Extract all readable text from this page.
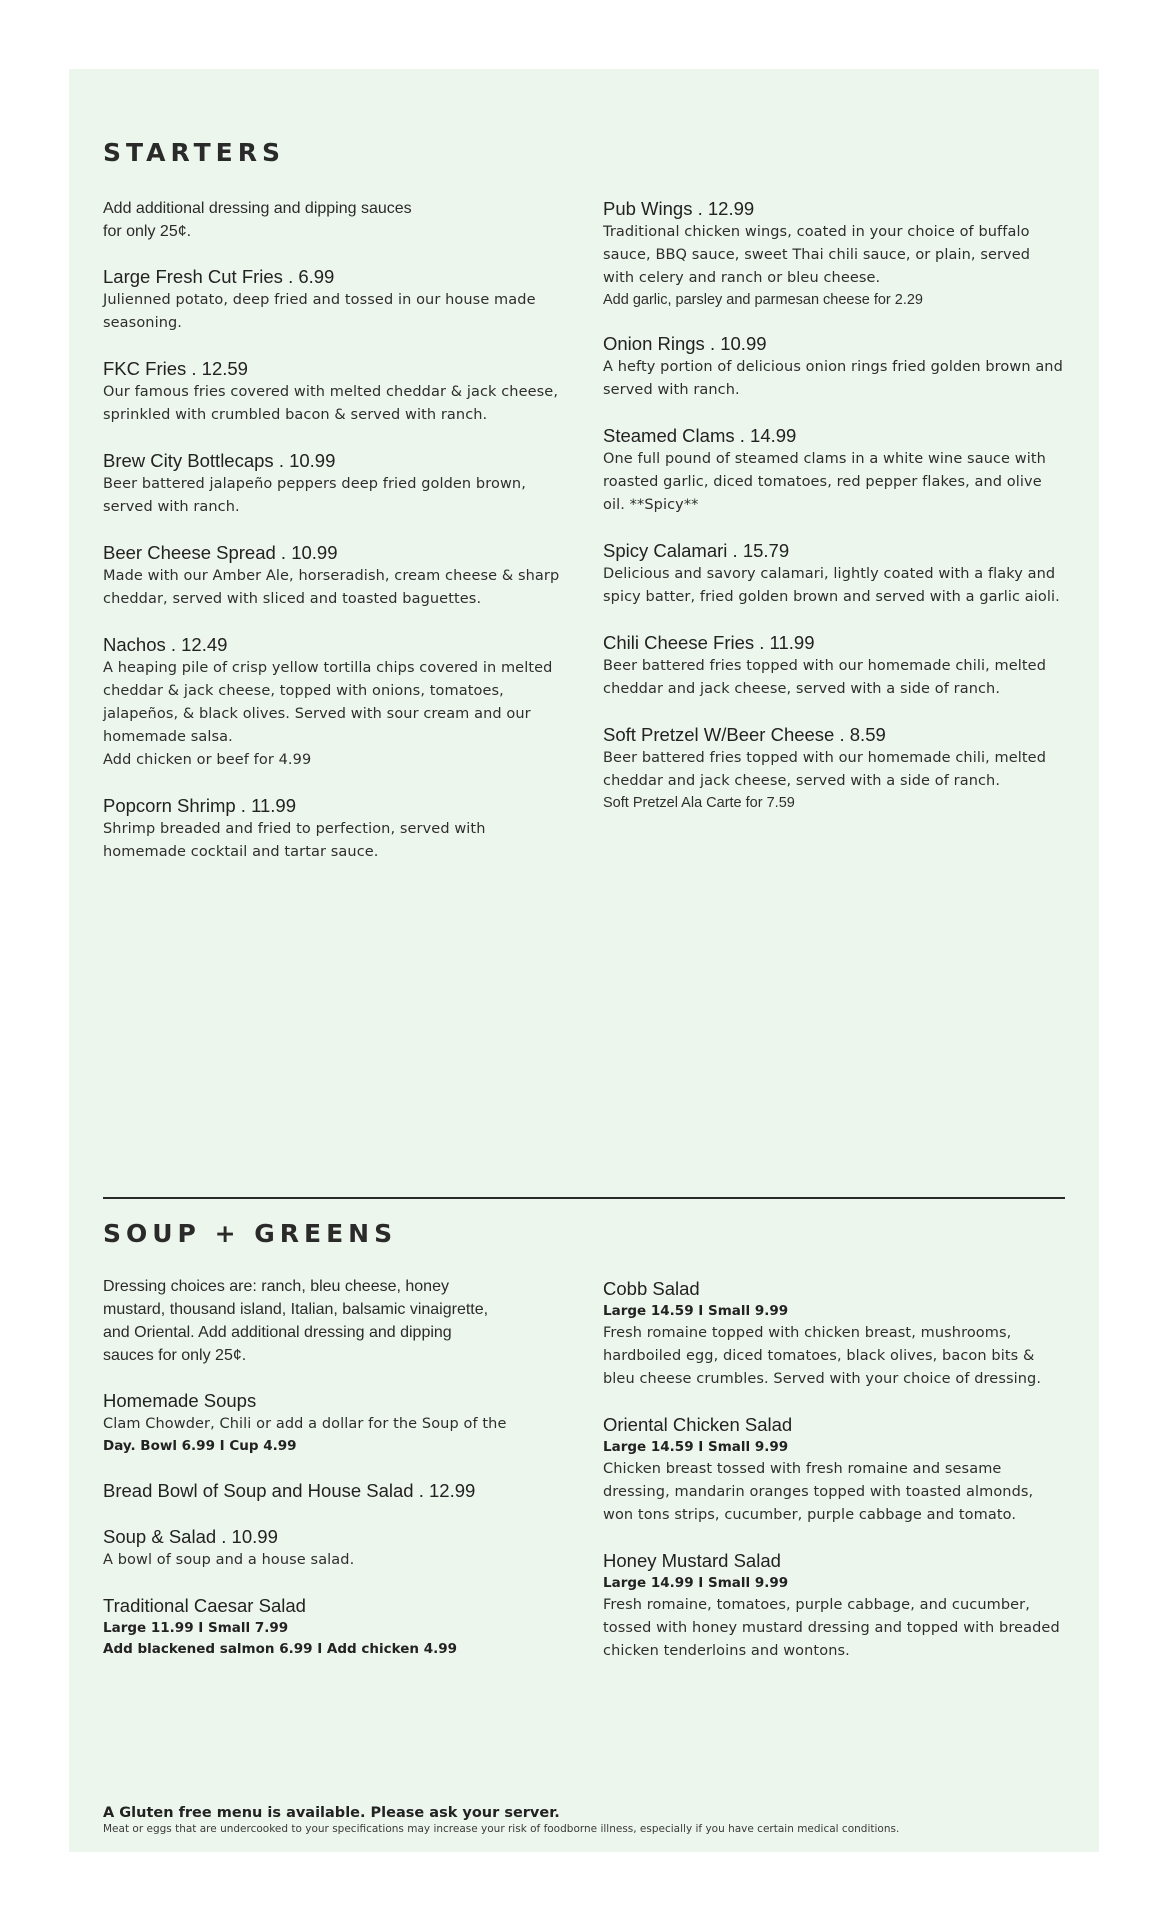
STARTERS
Add additional dressing and dipping sauces
for only 25¢.
Large Fresh Cut Fries . 6.99
Julienned potato, deep fried and tossed in our house made seasoning.
FKC Fries . 12.59
Our famous fries covered with melted cheddar & jack cheese, sprinkled with crumbled bacon & served with ranch.
Brew City Bottlecaps . 10.99
Beer battered jalapeño peppers deep fried golden brown, served with ranch.
Beer Cheese Spread . 10.99
Made with our Amber Ale, horseradish, cream cheese & sharp cheddar, served with sliced and toasted baguettes.
Nachos . 12.49
A heaping pile of crisp yellow tortilla chips covered in melted cheddar & jack cheese, topped with onions, tomatoes, jalapeños, & black olives. Served with sour cream and our homemade salsa.
Add chicken or beef for 4.99
Popcorn Shrimp . 11.99
Shrimp breaded and fried to perfection, served with homemade cocktail and tartar sauce.
Pub Wings . 12.99
Traditional chicken wings, coated in your choice of buffalo sauce, BBQ sauce, sweet Thai chili sauce, or plain, served with celery and ranch or bleu cheese.
Add garlic, parsley and parmesan cheese for 2.29
Onion Rings . 10.99
A hefty portion of delicious onion rings fried golden brown and served with ranch.
Steamed Clams . 14.99
One full pound of steamed clams in a white wine sauce with roasted garlic, diced tomatoes, red pepper flakes, and olive oil. **Spicy**
Spicy Calamari . 15.79
Delicious and savory calamari, lightly coated with a flaky and spicy batter, fried golden brown and served with a garlic aioli.
Chili Cheese Fries . 11.99
Beer battered fries topped with our homemade chili, melted cheddar and jack cheese, served with a side of ranch.
Soft Pretzel W/Beer Cheese . 8.59
Beer battered fries topped with our homemade chili, melted cheddar and jack cheese, served with a side of ranch.
Soft Pretzel Ala Carte for 7.59
SOUP + GREENS
Dressing choices are: ranch, bleu cheese, honey mustard, thousand island, Italian, balsamic vinaigrette, and Oriental. Add additional dressing and dipping sauces for only 25¢.
Homemade Soups
Clam Chowder, Chili or add a dollar for the Soup of the
Day. Bowl 6.99 I Cup 4.99
Bread Bowl of Soup and House Salad . 12.99
Soup & Salad . 10.99
A bowl of soup and a house salad.
Traditional Caesar Salad
Large 11.99 I Small 7.99
Add blackened salmon 6.99 I Add chicken 4.99
Cobb Salad
Large 14.59 I Small 9.99
Fresh romaine topped with chicken breast, mushrooms, hardboiled egg, diced tomatoes, black olives, bacon bits & bleu cheese crumbles. Served with your choice of dressing.
Oriental Chicken Salad
Large 14.59 I Small 9.99
Chicken breast tossed with fresh romaine and sesame dressing, mandarin oranges topped with toasted almonds, won tons strips, cucumber, purple cabbage and tomato.
Honey Mustard Salad
Large 14.99 I Small 9.99
Fresh romaine, tomatoes, purple cabbage, and cucumber, tossed with honey mustard dressing and topped with breaded chicken tenderloins and wontons.
A Gluten free menu is available. Please ask your server.
Meat or eggs that are undercooked to your specifications may increase your risk of foodborne illness, especially if you have certain medical conditions.
